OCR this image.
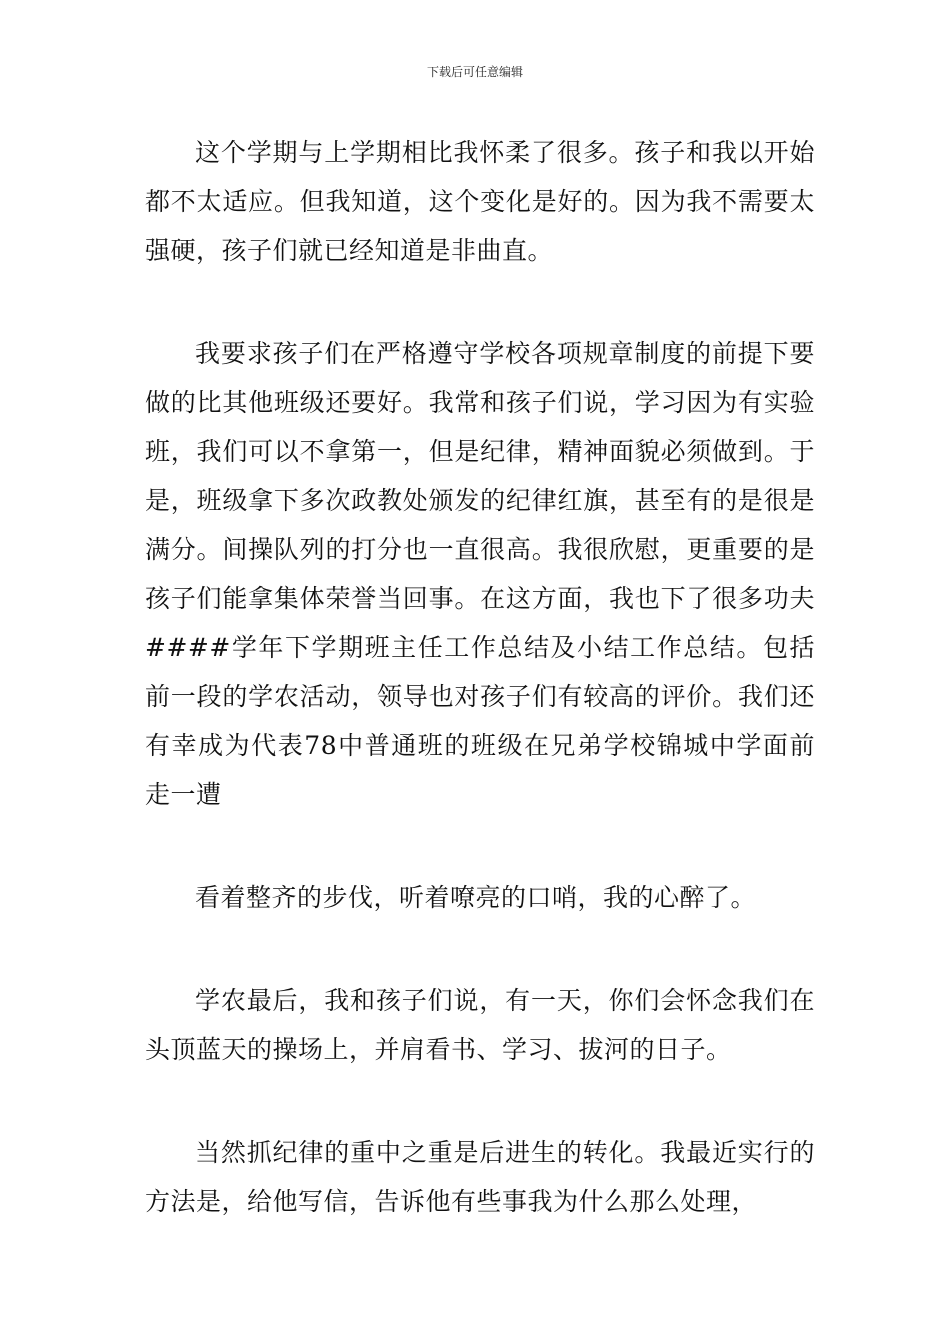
下载后可任意编辑

这个学期与上学期相比我怀柔了很多。孩子和我以开始都不太适应。但我知道，这个变化是好的。因为我不需要太强硬，孩子们就已经知道是非曲直。

我要求孩子们在严格遵守学校各项规章制度的前提下要做的比其他班级还要好。我常和孩子们说，学习因为有实验班，我们可以不拿第一，但是纪律，精神面貌必须做到。于是，班级拿下多次政教处颁发的纪律红旗，甚至有的是很是满分。间操队列的打分也一直很高。我很欣慰，更重要的是孩子们能拿集体荣誉当回事。在这方面，我也下了很多功夫####学年下学期班主任工作总结及小结工作总结。包括前一段的学农活动，领导也对孩子们有较高的评价。我们还有幸成为代表78中普通班的班级在兄弟学校锦城中学面前走一遭

看着整齐的步伐，听着嘹亮的口哨，我的心醉了。

学农最后，我和孩子们说，有一天，你们会怀念我们在头顶蓝天的操场上，并肩看书、学习、拔河的日子。

当然抓纪律的重中之重是后进生的转化。我最近实行的方法是，给他写信，告诉他有些事我为什么那么处理，
